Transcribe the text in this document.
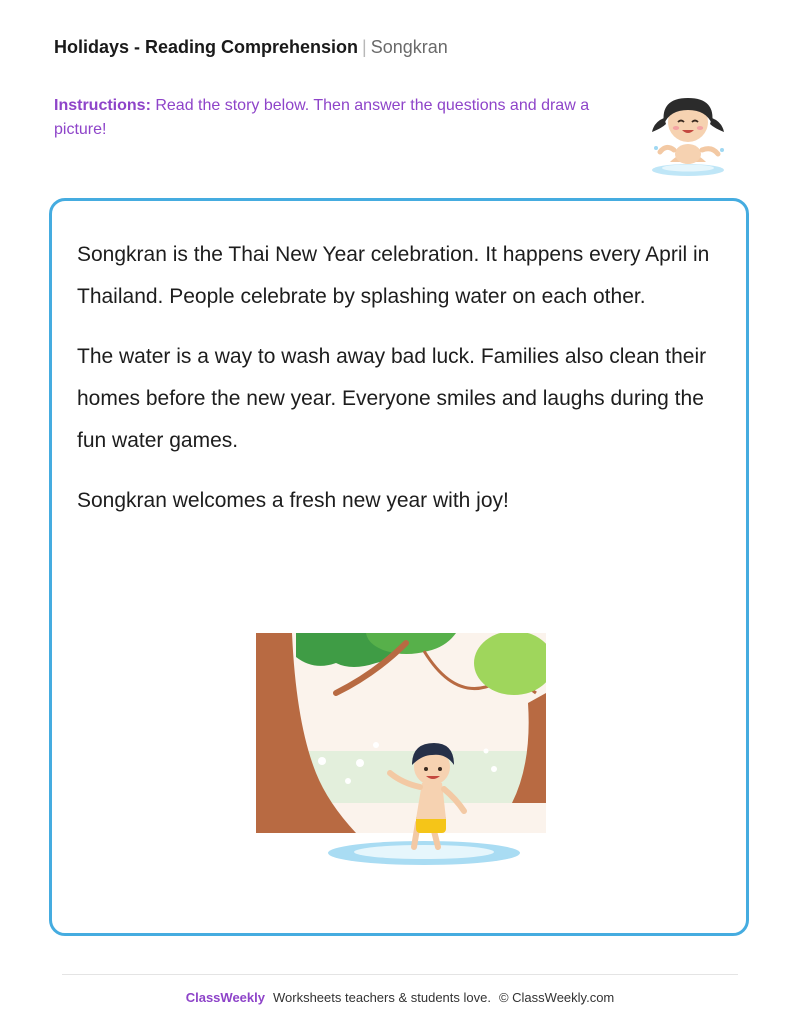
Holidays - Reading Comprehension | Songkran
Instructions: Read the story below. Then answer the questions and draw a picture!

Songkran is the Thai New Year celebration. It happens every April in Thailand. People celebrate by splashing water on each other.

The water is a way to wash away bad luck. Families also clean their homes before the new year. Everyone smiles and laughs during the fun water games.

Songkran welcomes a fresh new year with joy!

ClassWeekly Worksheets teachers & students love. © ClassWeekly.com
